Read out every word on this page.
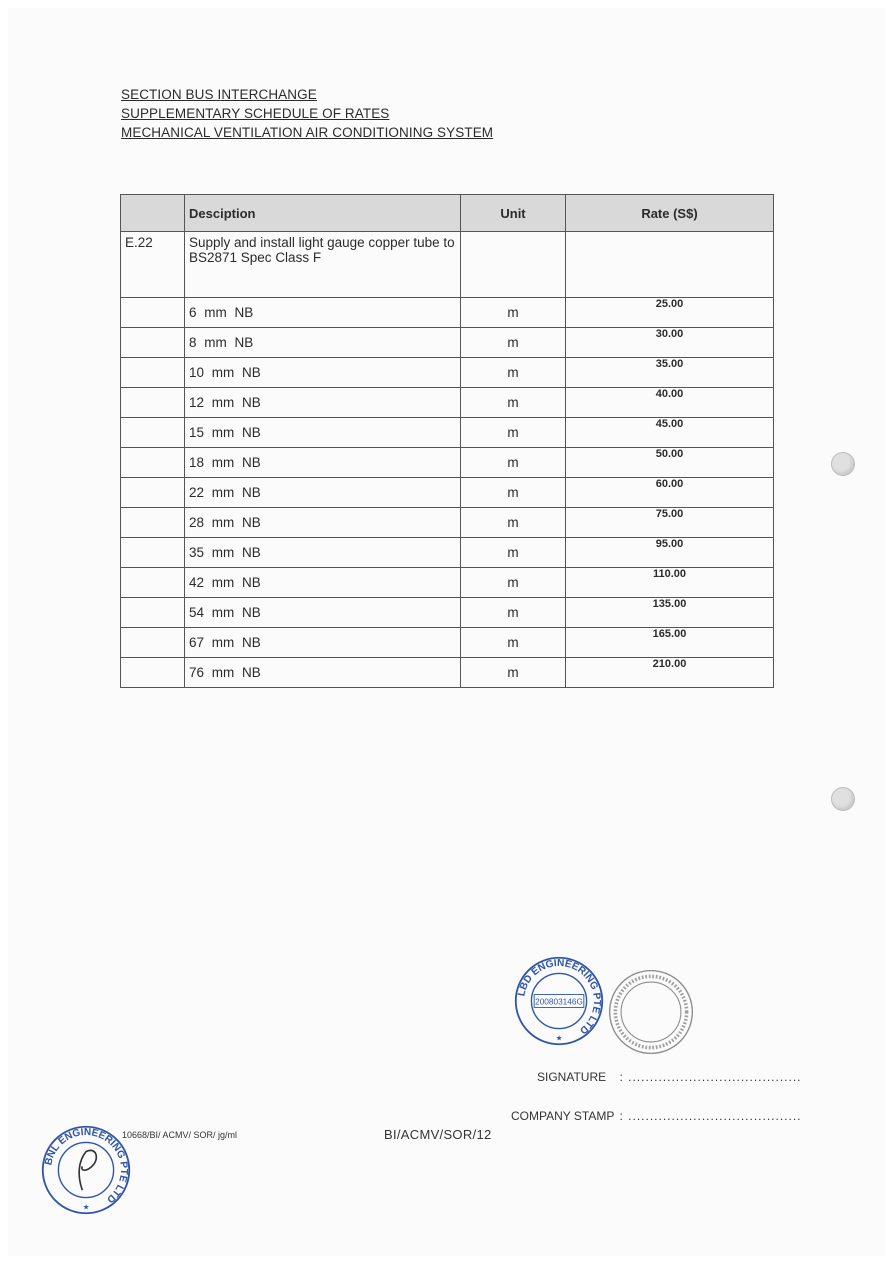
SECTION BUS INTERCHANGE
SUPPLEMENTARY SCHEDULE OF RATES
MECHANICAL VENTILATION AIR CONDITIONING SYSTEM
	Desciption	Unit	Rate (S$)
E.22	Supply and install light gauge copper tube to BS2871 Spec Class F		
	6 mm NB	m	25.00
	8 mm NB	m	30.00
	10 mm NB	m	35.00
	12 mm NB	m	40.00
	15 mm NB	m	45.00
	18 mm NB	m	50.00
	22 mm NB	m	60.00
	28 mm NB	m	75.00
	35 mm NB	m	95.00
	42 mm NB	m	110.00
	54 mm NB	m	135.00
	67 mm NB	m	165.00
	76 mm NB	m	210.00
LBD ENGINEERING PTE LTD
200803146G
★
BNL ENGINEERING PTE LTD
★
SIGNATURE : ........................................
COMPANY STAMP : ........................................
10668/BI/ ACMV/ SOR/ jg/ml	BI/ACMV/SOR/12
